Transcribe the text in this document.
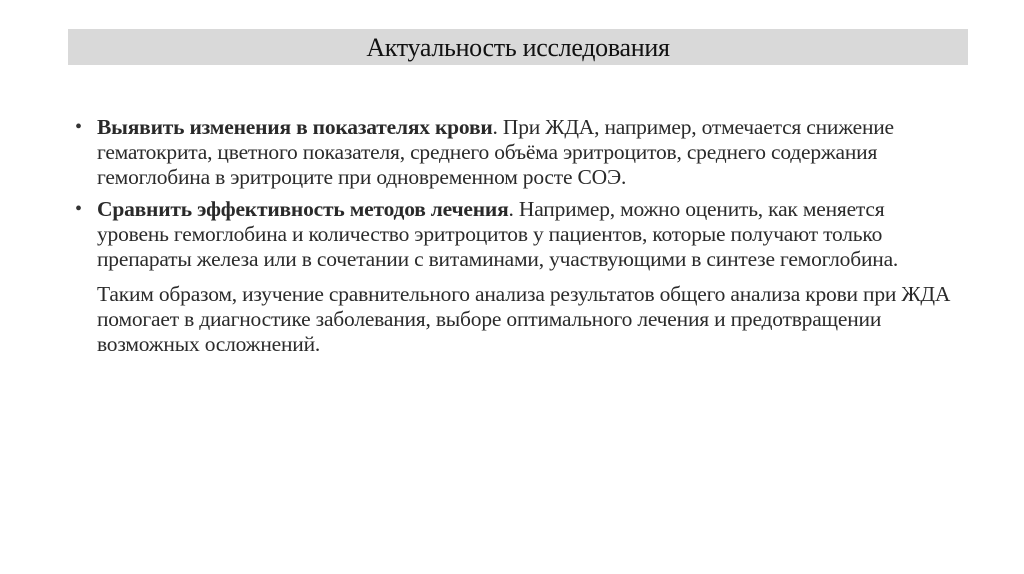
Актуальность исследования
• Выявить изменения в показателях крови. При ЖДА, например, отмечается снижение гематокрита, цветного показателя, среднего объёма эритроцитов, среднего содержания гемоглобина в эритроците при одновременном росте СОЭ.
• Сравнить эффективность методов лечения. Например, можно оценить, как меняется уровень гемоглобина и количество эритроцитов у пациентов, которые получают только препараты железа или в сочетании с витаминами, участвующими в синтезе гемоглобина.
Таким образом, изучение сравнительного анализа результатов общего анализа крови при ЖДА помогает в диагностике заболевания, выборе оптимального лечения и предотвращении возможных осложнений.
